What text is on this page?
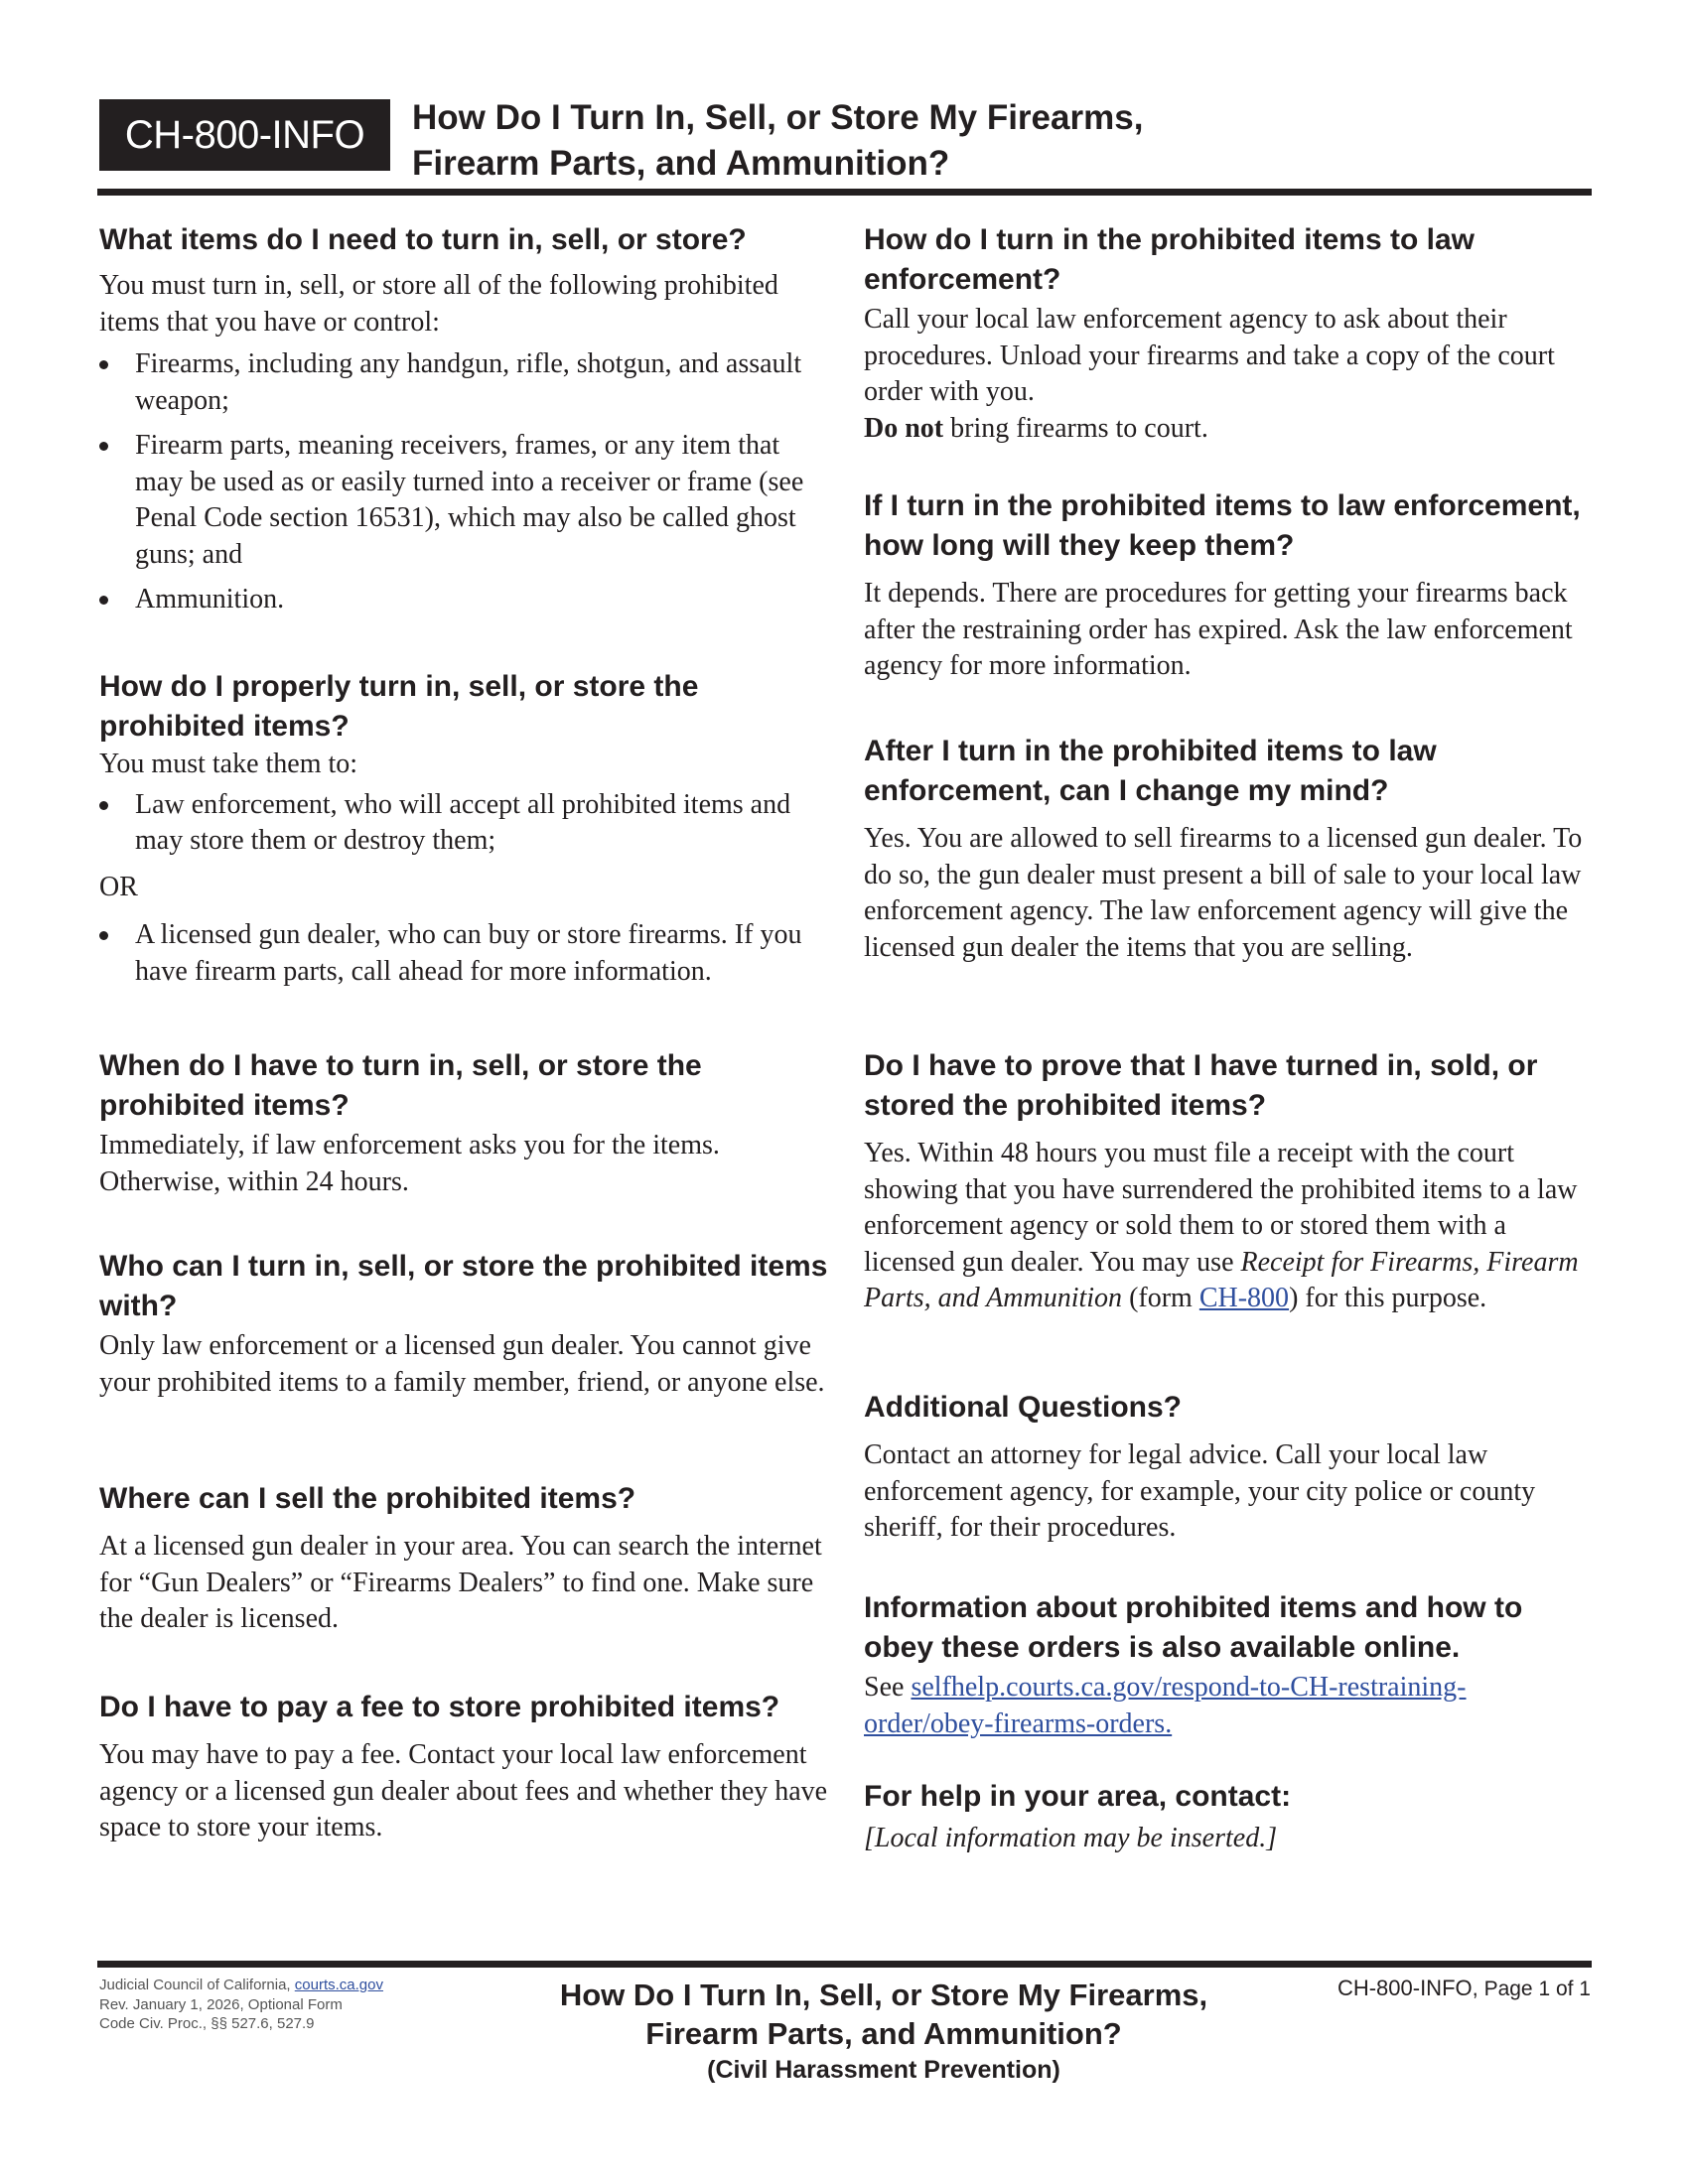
CH-800-INFO How Do I Turn In, Sell, or Store My Firearms,
Firearm Parts, and Ammunition?
What items do I need to turn in, sell, or store?

You must turn in, sell, or store all of the following prohibited items that you have or control:

Firearms, including any handgun, rifle, shotgun, and assault weapon;
Firearm parts, meaning receivers, frames, or any item that may be used as or easily turned into a receiver or frame (see Penal Code section 16531), which may also be called ghost guns; and
Ammunition.
How do I properly turn in, sell, or store the prohibited items?

You must take them to:

Law enforcement, who will accept all prohibited items and may store them or destroy them;

OR

A licensed gun dealer, who can buy or store firearms. If you have firearm parts, call ahead for more information.
When do I have to turn in, sell, or store the prohibited items?

Immediately, if law enforcement asks you for the items. Otherwise, within 24 hours.

Who can I turn in, sell, or store the prohibited items with?

Only law enforcement or a licensed gun dealer. You cannot give your prohibited items to a family member, friend, or anyone else.

Where can I sell the prohibited items?

At a licensed gun dealer in your area. You can search the internet for “Gun Dealers” or “Firearms Dealers” to find one. Make sure the dealer is licensed.

Do I have to pay a fee to store prohibited items?

You may have to pay a fee. Contact your local law enforcement agency or a licensed gun dealer about fees and whether they have space to store your items.

How do I turn in the prohibited items to law enforcement?

Call your local law enforcement agency to ask about their procedures. Unload your firearms and take a copy of the court order with you.

Do not bring firearms to court.

If I turn in the prohibited items to law enforcement, how long will they keep them?

It depends. There are procedures for getting your firearms back after the restraining order has expired. Ask the law enforcement agency for more information.

After I turn in the prohibited items to law enforcement, can I change my mind?

Yes. You are allowed to sell firearms to a licensed gun dealer. To do so, the gun dealer must present a bill of sale to your local law enforcement agency. The law enforcement agency will give the licensed gun dealer the items that you are selling.

Do I have to prove that I have turned in, sold, or stored the prohibited items?

Yes. Within 48 hours you must file a receipt with the court showing that you have surrendered the prohibited items to a law enforcement agency or sold them to or stored them with a licensed gun dealer. You may use Receipt for Firearms, Firearm Parts, and Ammunition (form CH-800) for this purpose.

Additional Questions?

Contact an attorney for legal advice. Call your local law enforcement agency, for example, your city police or county sheriff, for their procedures.

Information about prohibited items and how to obey these orders is also available online.

See selfhelp.courts.ca.gov/respond-to-CH-restraining-order/obey-firearms-orders.

For help in your area, contact:

[Local information may be inserted.]

Judicial Council of California, courts.ca.gov
Rev. January 1, 2026, Optional Form
Code Civ. Proc., §§ 527.6, 527.9
How Do I Turn In, Sell, or Store My Firearms,
Firearm Parts, and Ammunition?
(Civil Harassment Prevention)
CH-800-INFO, Page 1 of 1
